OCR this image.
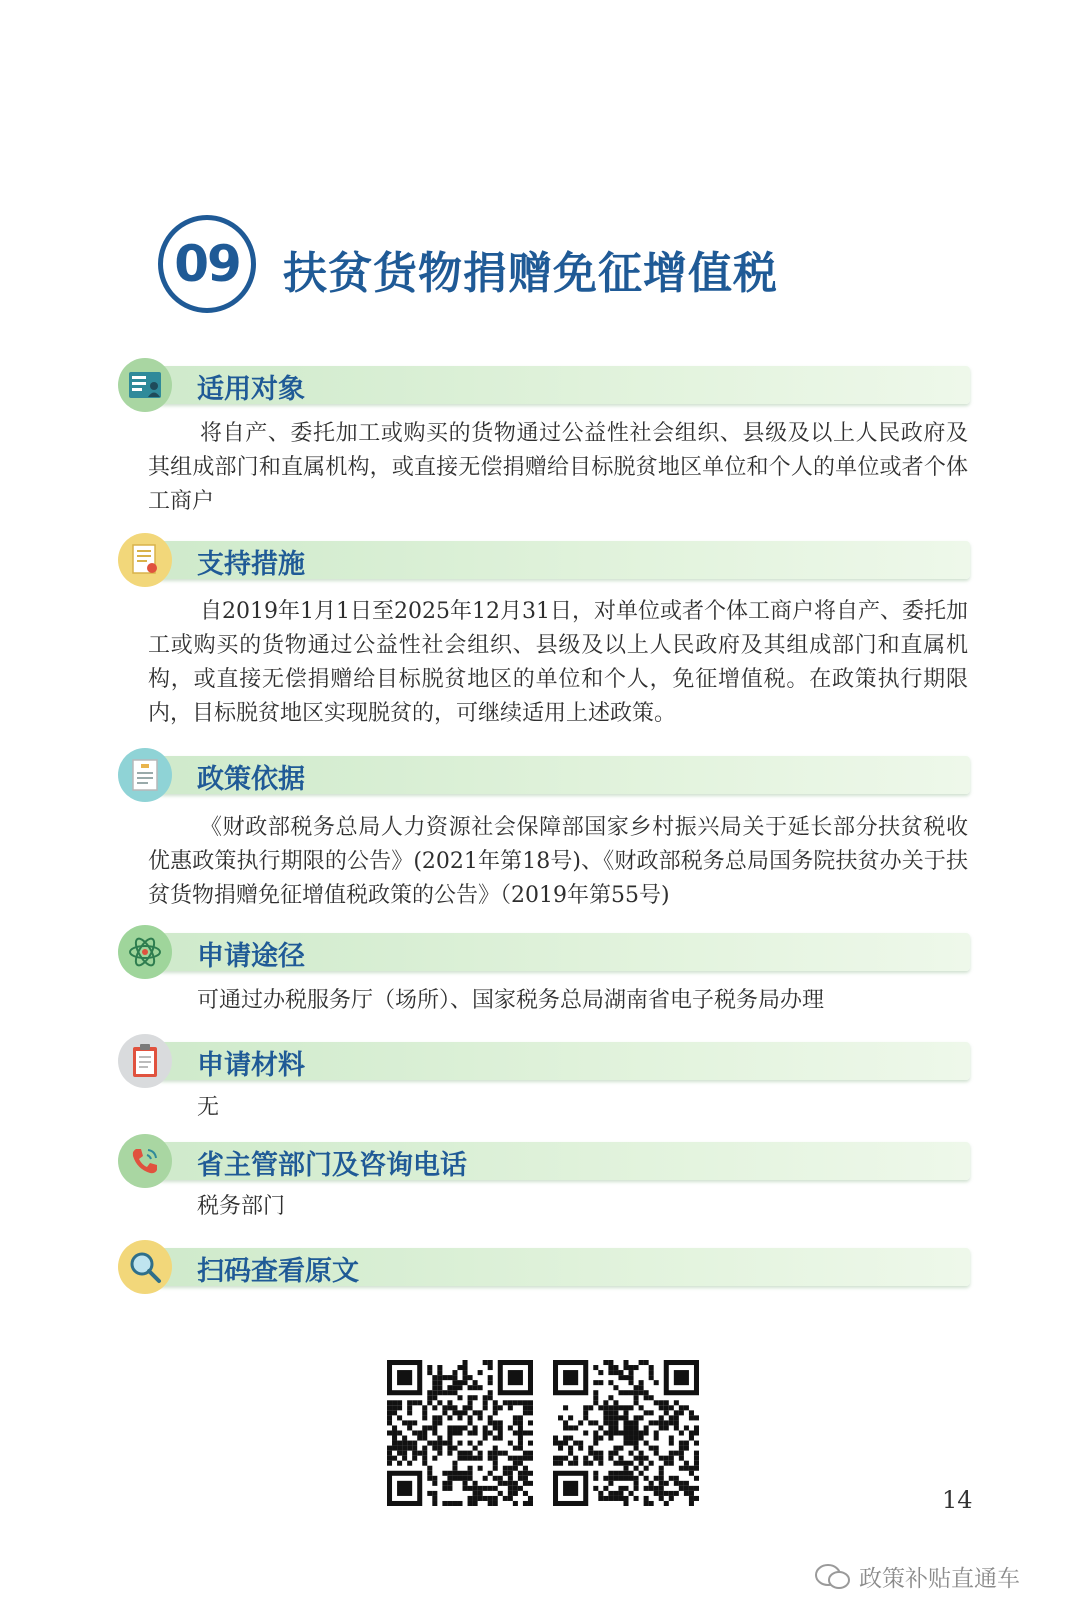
09 扶贫货物捐赠免征增值税
适用对象

将自产、委托加工或购买的货物通过公益性社会组织、县级及以上人民政府及其组成部门和直属机构，或直接无偿捐赠给目标脱贫地区单位和个人的单位或者个体工商户

支持措施

自2019年1月1日至2025年12月31日，对单位或者个体工商户将自产、委托加工或购买的货物通过公益性社会组织、县级及以上人民政府及其组成部门和直属机构，或直接无偿捐赠给目标脱贫地区的单位和个人，免征增值税。在政策执行期限内，目标脱贫地区实现脱贫的，可继续适用上述政策。

政策依据

《财政部税务总局人力资源社会保障部国家乡村振兴局关于延长部分扶贫税收优惠政策执行期限的公告》(2021年第18号)、《财政部税务总局国务院扶贫办关于扶贫货物捐赠免征增值税政策的公告》（2019年第55号)

申请途径
可通过办税服务厅（场所）、国家税务总局湖南省电子税务局办理
申请材料
无
省主管部门及咨询电话
税务部门
扫码查看原文
14
政策补贴直通车
